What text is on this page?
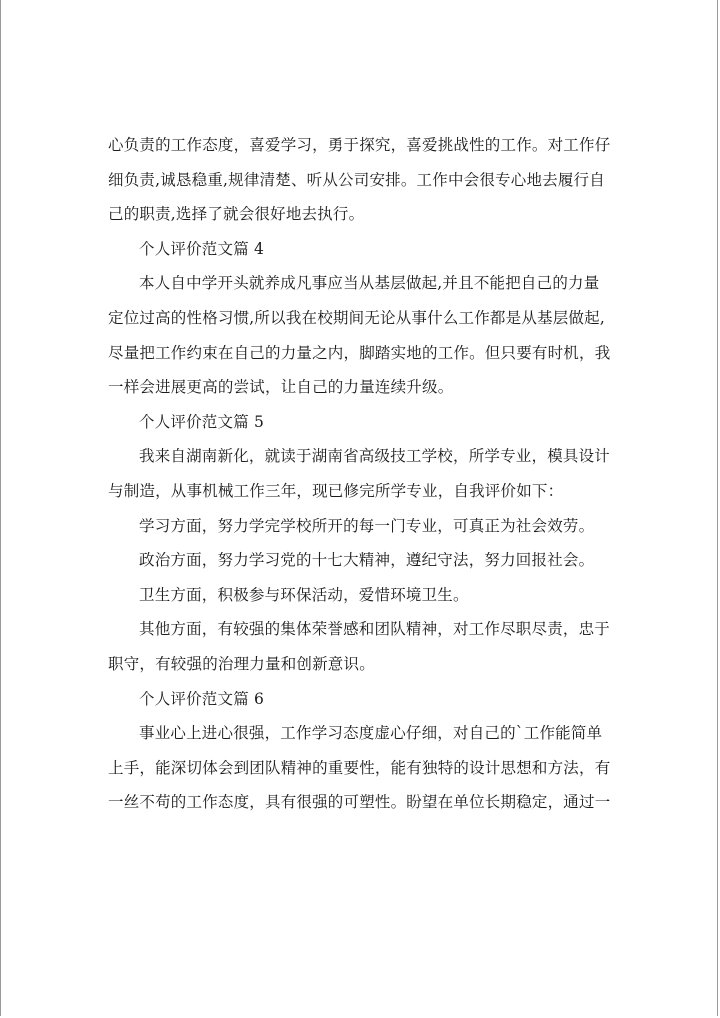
心负责的工作态度，喜爱学习，勇于探究，喜爱挑战性的工作。对工作仔
细负责,诚恳稳重,规律清楚、听从公司安排。工作中会很专心地去履行自
己的职责,选择了就会很好地去执行。
个人评价范文篇 4
本人自中学开头就养成凡事应当从基层做起,并且不能把自己的力量
定位过高的性格习惯,所以我在校期间无论从事什么工作都是从基层做起,
尽量把工作约束在自己的力量之内，脚踏实地的工作。但只要有时机，我
一样会进展更高的尝试，让自己的力量连续升级。
个人评价范文篇 5
我来自湖南新化，就读于湖南省高级技工学校，所学专业，模具设计
与制造，从事机械工作三年，现已修完所学专业，自我评价如下：
学习方面，努力学完学校所开的每一门专业，可真正为社会效劳。
政治方面，努力学习党的十七大精神，遵纪守法，努力回报社会。
卫生方面，积极参与环保活动，爱惜环境卫生。
其他方面，有较强的集体荣誉感和团队精神，对工作尽职尽责，忠于
职守，有较强的治理力量和创新意识。
个人评价范文篇 6
事业心上进心很强，工作学习态度虚心仔细，对自己的`工作能简单
上手，能深切体会到团队精神的重要性，能有独特的设计思想和方法，有
一丝不苟的工作态度，具有很强的可塑性。盼望在单位长期稳定，通过一
